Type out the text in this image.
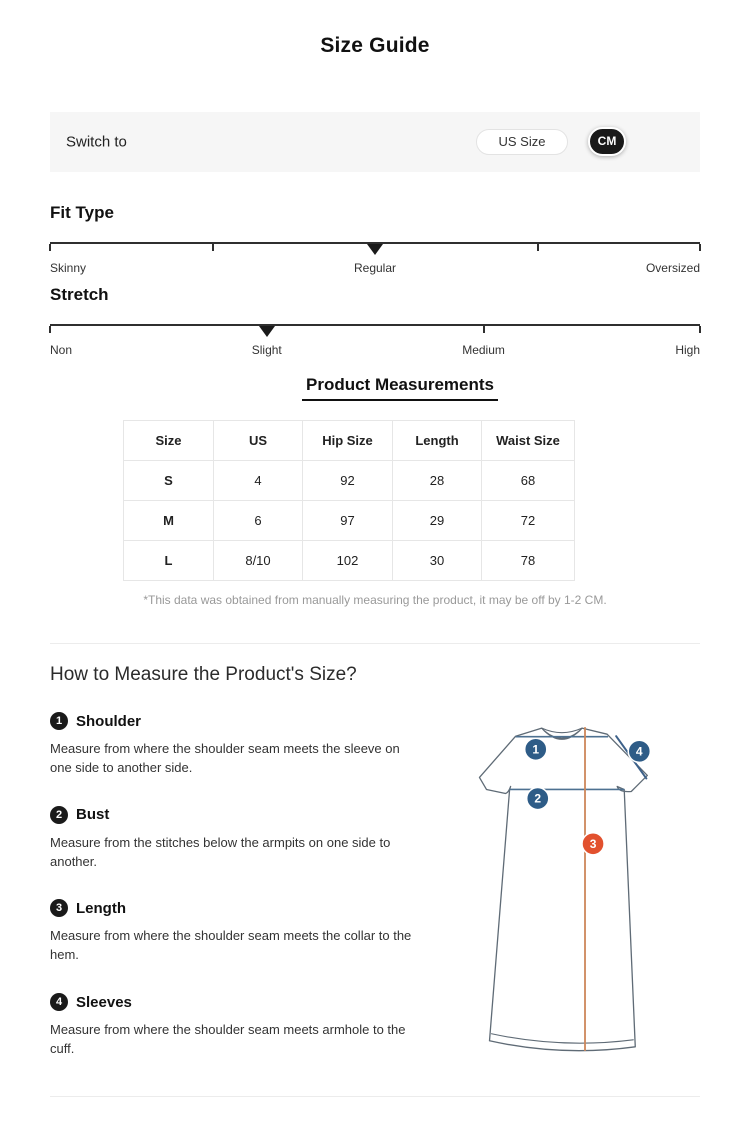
Size Guide
Switch to	US Size	CM
Fit Type
Skinny	Regular	Oversized
Stretch
Non	Slight	Medium	High
Product Measurements
Size	US	Hip Size	Length	Waist Size
S	4	92	28	68
M	6	97	29	72
L	8/10	102	30	78
*This data was obtained from manually measuring the product, it may be off by 1-2 CM.
How to Measure the Product's Size?
1 Shoulder

Measure from where the shoulder seam meets the sleeve on one side to another side.

2 Bust

Measure from the stitches below the armpits on one side to another.

3 Length

Measure from where the shoulder seam meets the collar to the hem.

4 Sleeves

Measure from where the shoulder seam meets armhole to the cuff.

1
2
3
4
